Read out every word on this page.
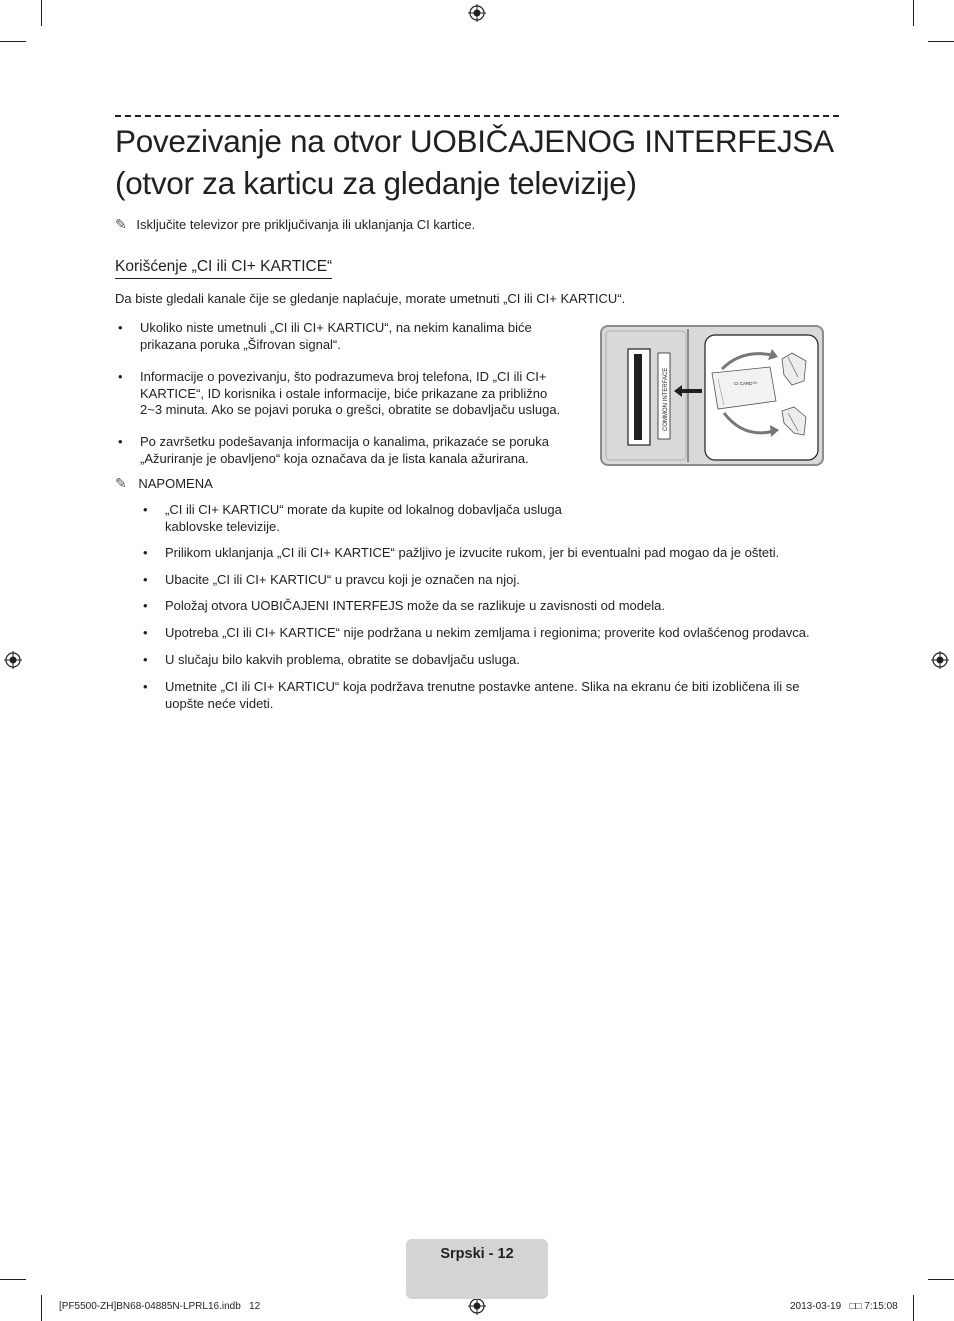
Povezivanje na otvor UOBIČAJENOG INTERFEJSA
(otvor za karticu za gledanje televizije)
✎ Isključite televizor pre priključivanja ili uklanjanja CI kartice.
Korišćenje „CI ili CI+ KARTICE“
Da biste gledali kanale čije se gledanje naplaćuje, morate umetnuti „CI ili CI+ KARTICU“.
• Ukoliko niste umetnuli „CI ili CI+ KARTICU“, na nekim kanalima biće
prikazana poruka „Šifrovan signal“.
• Informacije o povezivanju, što podrazumeva broj telefona, ID „CI ili CI+
KARTICE“, ID korisnika i ostale informacije, biće prikazane za približno
2~3 minuta. Ako se pojavi poruka o grešci, obratite se dobavljaču usluga.
• Po završetku podešavanja informacija o kanalima, prikazaće se poruka
„Ažuriranje je obavljeno“ koja označava da je lista kanala ažurirana.
COMMON INTERFACE	CI CARD™
✎ NAPOMENA
• „CI ili CI+ KARTICU“ morate da kupite od lokalnog dobavljača usluga
kablovske televizije.
• Prilikom uklanjanja „CI ili CI+ KARTICE“ pažljivo je izvucite rukom, jer bi eventualni pad mogao da je ošteti.
• Ubacite „CI ili CI+ KARTICU“ u pravcu koji je označen na njoj.
• Položaj otvora UOBIČAJENI INTERFEJS može da se razlikuje u zavisnosti od modela.
• Upotreba „CI ili CI+ KARTICE“ nije podržana u nekim zemljama i regionima; proverite kod ovlašćenog prodavca.
• U slučaju bilo kakvih problema, obratite se dobavljaču usluga.
• Umetnite „CI ili CI+ KARTICU“ koja podržava trenutne postavke antene. Slika na ekranu će biti izobličena ili se
uopšte neće videti.
Srpski - 12
[PF5500-ZH]BN68-04885N-LPRL16.indb   12	2013-03-19   □□ 7:15:08
